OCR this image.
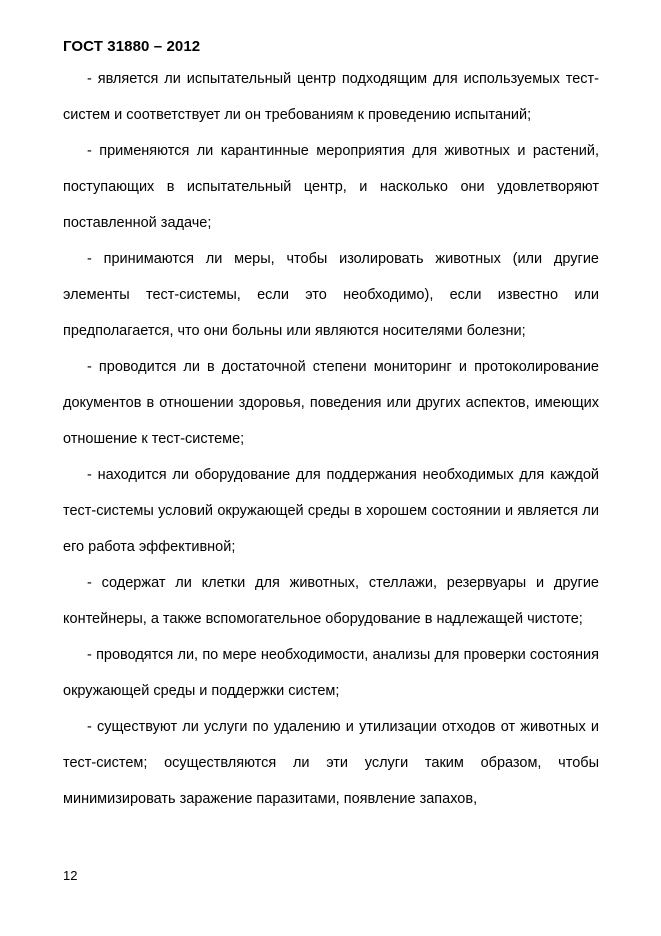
ГОСТ 31880 – 2012

- является ли испытательный центр подходящим для используемых тест-систем и соответствует ли он требованиям к проведению испытаний;

- применяются ли карантинные мероприятия для животных и растений, поступающих в испытательный центр, и насколько они удовлетворяют поставленной задаче;

- принимаются ли меры, чтобы изолировать животных (или другие элементы тест-системы, если это необходимо), если известно или предполагается, что они больны или являются носителями болезни;

- проводится ли в достаточной степени мониторинг и протоколирование документов в отношении здоровья, поведения или других аспектов, имеющих отношение к тест-системе;

- находится ли оборудование для поддержания необходимых для каждой тест-системы условий окружающей среды в хорошем состоянии и является ли его работа эффективной;

- содержат ли клетки для животных, стеллажи, резервуары и другие контейнеры, а также вспомогательное оборудование в надлежащей чистоте;

- проводятся ли, по мере необходимости, анализы для проверки состояния окружающей среды и поддержки систем;

- существуют ли услуги по удалению и утилизации отходов от животных и тест-систем; осуществляются ли эти услуги таким образом, чтобы минимизировать заражение паразитами, появление запахов,

12
